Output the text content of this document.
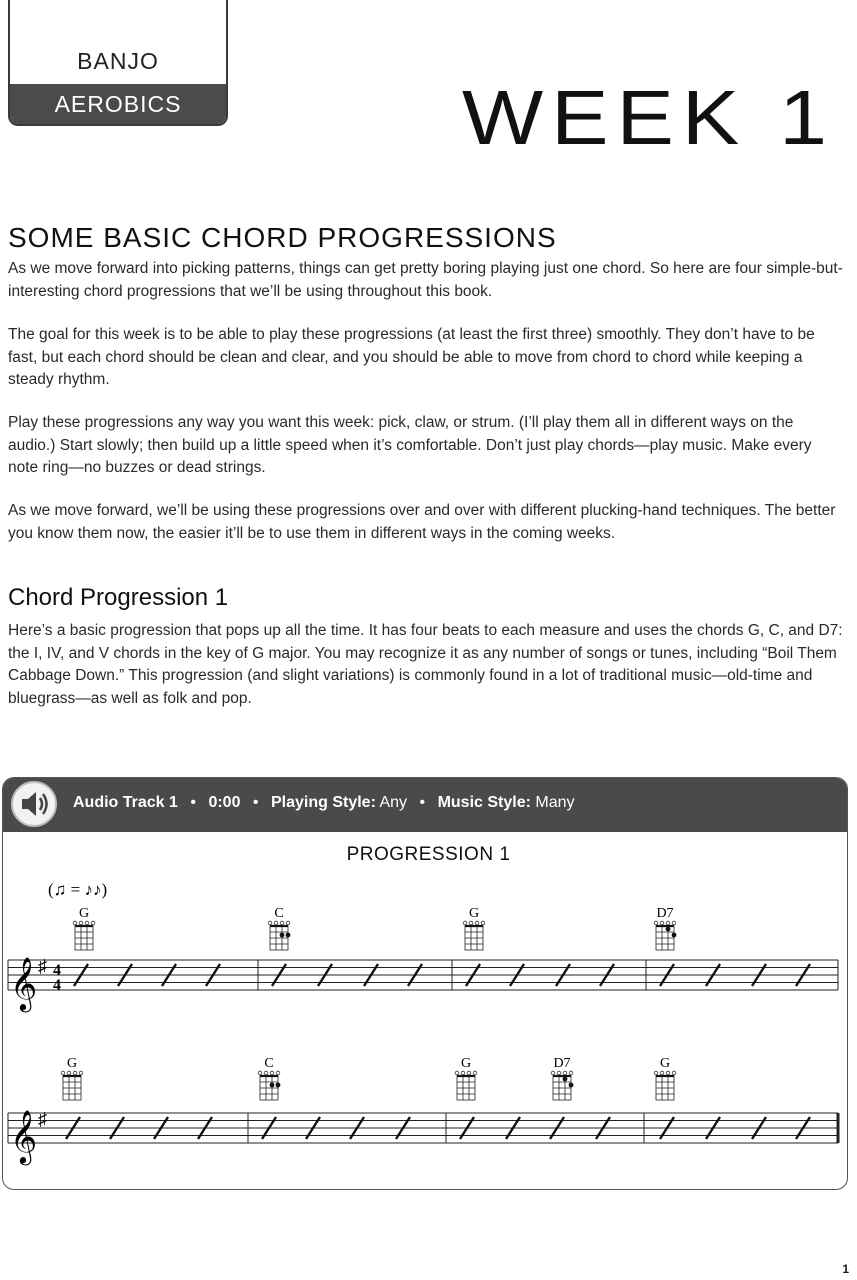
BANJO
AEROBICS	WEEK 1
SOME BASIC CHORD PROGRESSIONS

As we move forward into picking patterns, things can get pretty boring playing just one chord. So here are four simple-but-interesting chord progressions that we’ll be using throughout this book.

The goal for this week is to be able to play these progressions (at least the first three) smoothly. They don’t have to be fast, but each chord should be clean and clear, and you should be able to move from chord to chord while keeping a steady rhythm.

Play these progressions any way you want this week: pick, claw, or strum. (I’ll play them all in different ways on the audio.) Start slowly; then build up a little speed when it’s comfortable. Don’t just play chords—play music. Make every note ring—no buzzes or dead strings.

As we move forward, we’ll be using these progressions over and over with different plucking-hand techniques. The better you know them now, the easier it’ll be to use them in different ways in the coming weeks.

Chord Progression 1

Here’s a basic progression that pops up all the time. It has four beats to each measure and uses the chords G, C, and D7: the I, IV, and V chords in the key of G major. You may recognize it as any number of songs or tunes, including “Boil Them Cabbage Down.” This progression (and slight variations) is commonly found in a lot of traditional music—old-time and bluegrass—as well as folk and pop.

Audio Track 1 • 0:00 • Playing Style: Any • Music Style: Many
PROGRESSION 1
(♫ = ♪♪)
𝄞 ♯ 4
4
G	C	G	D7
𝄞 ♯
G	C	G	D7	G
1
